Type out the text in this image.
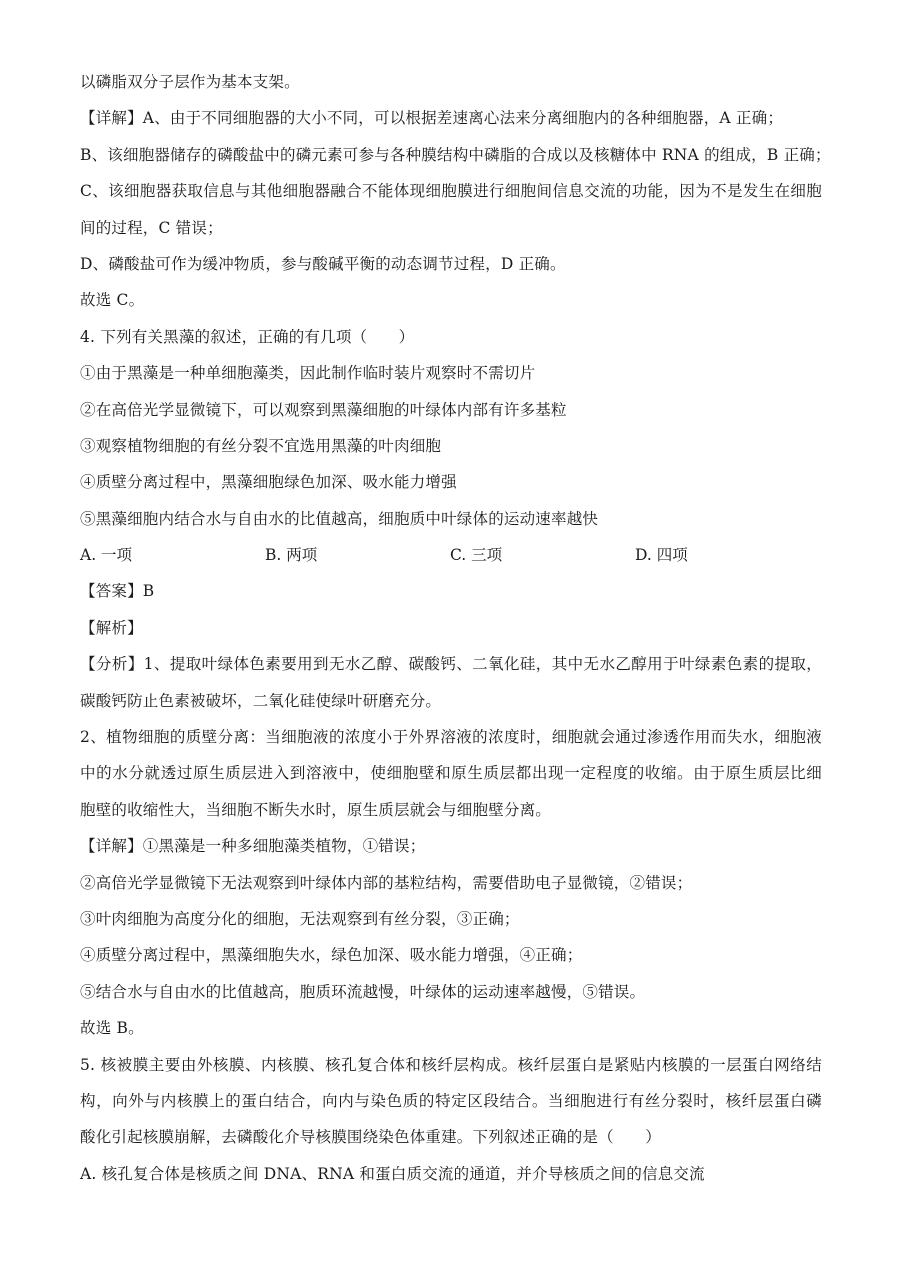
以磷脂双分子层作为基本支架。
【详解】A、由于不同细胞器的大小不同，可以根据差速离心法来分离细胞内的各种细胞器，A 正确；
B、该细胞器储存的磷酸盐中的磷元素可参与各种膜结构中磷脂的合成以及核糖体中 RNA 的组成，B 正确；
C、该细胞器获取信息与其他细胞器融合不能体现细胞膜进行细胞间信息交流的功能，因为不是发生在细胞
间的过程，C 错误；
D、磷酸盐可作为缓冲物质，参与酸碱平衡的动态调节过程，D 正确。
故选 C。
4. 下列有关黑藻的叙述，正确的有几项（　　）
①由于黑藻是一种单细胞藻类，因此制作临时装片观察时不需切片
②在高倍光学显微镜下，可以观察到黑藻细胞的叶绿体内部有许多基粒
③观察植物细胞的有丝分裂不宜选用黑藻的叶肉细胞
④质壁分离过程中，黑藻细胞绿色加深、吸水能力增强
⑤黑藻细胞内结合水与自由水的比值越高，细胞质中叶绿体的运动速率越快
A. 一项	B. 两项	C. 三项	D. 四项
【答案】B
【解析】
【分析】1、提取叶绿体色素要用到无水乙醇、碳酸钙、二氧化硅，其中无水乙醇用于叶绿素色素的提取，
碳酸钙防止色素被破坏，二氧化硅使绿叶研磨充分。
2、植物细胞的质壁分离：当细胞液的浓度小于外界溶液的浓度时，细胞就会通过渗透作用而失水，细胞液
中的水分就透过原生质层进入到溶液中，使细胞壁和原生质层都出现一定程度的收缩。由于原生质层比细
胞壁的收缩性大，当细胞不断失水时，原生质层就会与细胞壁分离。
【详解】①黑藻是一种多细胞藻类植物，①错误；
②高倍光学显微镜下无法观察到叶绿体内部的基粒结构，需要借助电子显微镜，②错误；
③叶肉细胞为高度分化的细胞，无法观察到有丝分裂，③正确；
④质壁分离过程中，黑藻细胞失水，绿色加深、吸水能力增强，④正确；
⑤结合水与自由水的比值越高，胞质环流越慢，叶绿体的运动速率越慢，⑤错误。
故选 B。
5. 核被膜主要由外核膜、内核膜、核孔复合体和核纤层构成。核纤层蛋白是紧贴内核膜的一层蛋白网络结
构，向外与内核膜上的蛋白结合，向内与染色质的特定区段结合。当细胞进行有丝分裂时，核纤层蛋白磷
酸化引起核膜崩解，去磷酸化介导核膜围绕染色体重建。下列叙述正确的是（　　）
A. 核孔复合体是核质之间 DNA、RNA 和蛋白质交流的通道，并介导核质之间的信息交流
